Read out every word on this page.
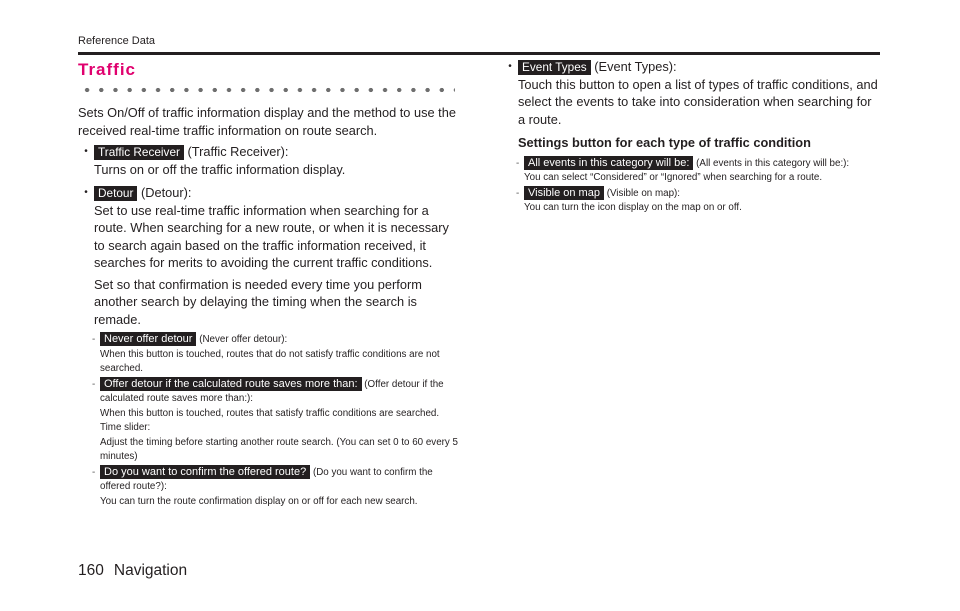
Reference Data
Traffic

Sets On/Off of traffic information display and the method to use the received real-time traffic information on route search.

• Traffic Receiver (Traffic Receiver):
Turns on or off the traffic information display.
• Detour (Detour):
Set to use real-time traffic information when searching for a route. When searching for a new route, or when it is necessary to search again based on the traffic information received, it searches for merits to avoiding the current traffic conditions.
Set so that confirmation is needed every time you perform another search by delaying the timing when the search is remade.
- Never offer detour (Never offer detour):
When this button is touched, routes that do not satisfy traffic conditions are not searched.
- Offer detour if the calculated route saves more than: (Offer detour if the calculated route saves more than:):
When this button is touched, routes that satisfy traffic conditions are searched.
Time slider:
Adjust the timing before starting another route search. (You can set 0 to 60 every 5 minutes)
- Do you want to confirm the offered route? (Do you want to confirm the offered route?):
You can turn the route confirmation display on or off for each new search.
• Event Types (Event Types):
Touch this button to open a list of types of traffic conditions, and select the events to take into consideration when searching for a route.
Settings button for each type of traffic condition
- All events in this category will be: (All events in this category will be:):
You can select “Considered” or “Ignored” when searching for a route.
- Visible on map (Visible on map):
You can turn the icon display on the map on or off.
160 Navigation
